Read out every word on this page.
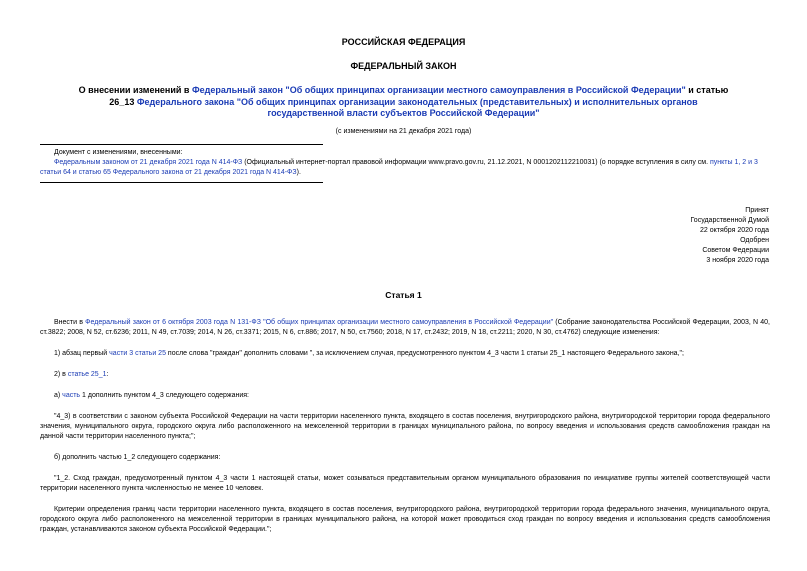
РОССИЙСКАЯ ФЕДЕРАЦИЯ
ФЕДЕРАЛЬНЫЙ ЗАКОН
О внесении изменений в Федеральный закон "Об общих принципах организации местного самоуправления в Российской Федерации" и статью 26_13 Федерального закона "Об общих принципах организации законодательных (представительных) и исполнительных органов государственной власти субъектов Российской Федерации"
(с изменениями на 21 декабря 2021 года)

Документ с изменениями, внесенными:

Федеральным законом от 21 декабря 2021 года N 414-ФЗ (Официальный интернет-портал правовой информации www.pravo.gov.ru, 21.12.2021, N 0001202112210031) (о порядке вступления в силу см. пункты 1, 2 и 3 статьи 64 и статью 65 Федерального закона от 21 декабря 2021 года N 414-ФЗ).

Принят
Государственной Думой
22 октября 2020 года
Одобрен
Советом Федерации
3 ноября 2020 года
Статья 1

Внести в Федеральный закон от 6 октября 2003 года N 131-ФЗ "Об общих принципах организации местного самоуправления в Российской Федерации" (Собрание законодательства Российской Федерации, 2003, N 40, ст.3822; 2008, N 52, ст.6236; 2011, N 49, ст.7039; 2014, N 26, ст.3371; 2015, N 6, ст.886; 2017, N 50, ст.7560; 2018, N 17, ст.2432; 2019, N 18, ст.2211; 2020, N 30, ст.4762) следующие изменения:

1) абзац первый части 3 статьи 25 после слова "граждан" дополнить словами ", за исключением случая, предусмотренного пунктом 4_3 части 1 статьи 25_1 настоящего Федерального закона,";

2) в статье 25_1:

а) часть 1 дополнить пунктом 4_3 следующего содержания:

"4_3) в соответствии с законом субъекта Российской Федерации на части территории населенного пункта, входящего в состав поселения, внутригородского района, внутригородской территории города федерального значения, муниципального округа, городского округа либо расположенного на межселенной территории в границах муниципального района, по вопросу введения и использования средств самообложения граждан на данной части территории населенного пункта;";

б) дополнить частью 1_2 следующего содержания:

"1_2. Сход граждан, предусмотренный пунктом 4_3 части 1 настоящей статьи, может созываться представительным органом муниципального образования по инициативе группы жителей соответствующей части территории населенного пункта численностью не менее 10 человек.

Критерии определения границ части территории населенного пункта, входящего в состав поселения, внутригородского района, внутригородской территории города федерального значения, муниципального округа, городского округа либо расположенного на межселенной территории в границах муниципального района, на которой может проводиться сход граждан по вопросу введения и использования средств самообложения граждан, устанавливаются законом субъекта Российской Федерации.";
